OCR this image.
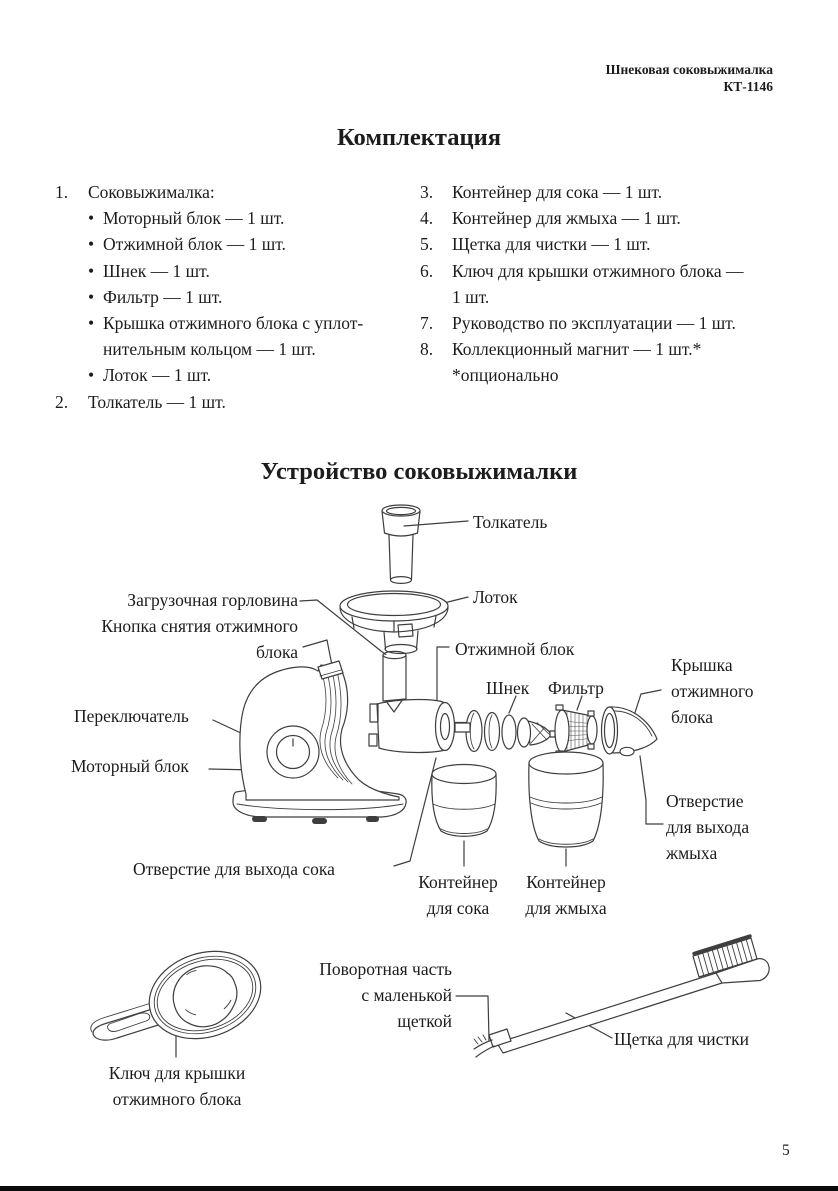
Шнековая соковыжималка
КТ-1146
Комплектация
1.	Соковыжималка:
• Моторный блок — 1 шт.
• Отжимной блок — 1 шт.
• Шнек — 1 шт.
• Фильтр — 1 шт.
• Крышка отжимного блока с уплот-
нительным кольцом — 1 шт.
• Лоток — 1 шт.
2.	Толкатель — 1 шт.
3.	Контейнер для сока — 1 шт.
4.	Контейнер для жмыха — 1 шт.
5.	Щетка для чистки — 1 шт.
6.	Ключ для крышки отжимного блока —
1 шт.
7.	Руководство по эксплуатации — 1 шт.
8.	Коллекционный магнит — 1 шт.*
*опционально
Устройство соковыжималки
Толкатель
Лоток
Загрузочная горловина
Кнопка снятия отжимного
блока	Отжимной блок
Шнек Фильтр
Крышка
отжимного
блока
Переключатель
Моторный блок
Отверстие
для выхода
жмыха
Отверстие для выхода сока
Контейнер
для сока
Контейнер
для жмыха
Поворотная часть
с маленькой
щеткой
Щетка для чистки
Ключ для крышки
отжимного блока
5
